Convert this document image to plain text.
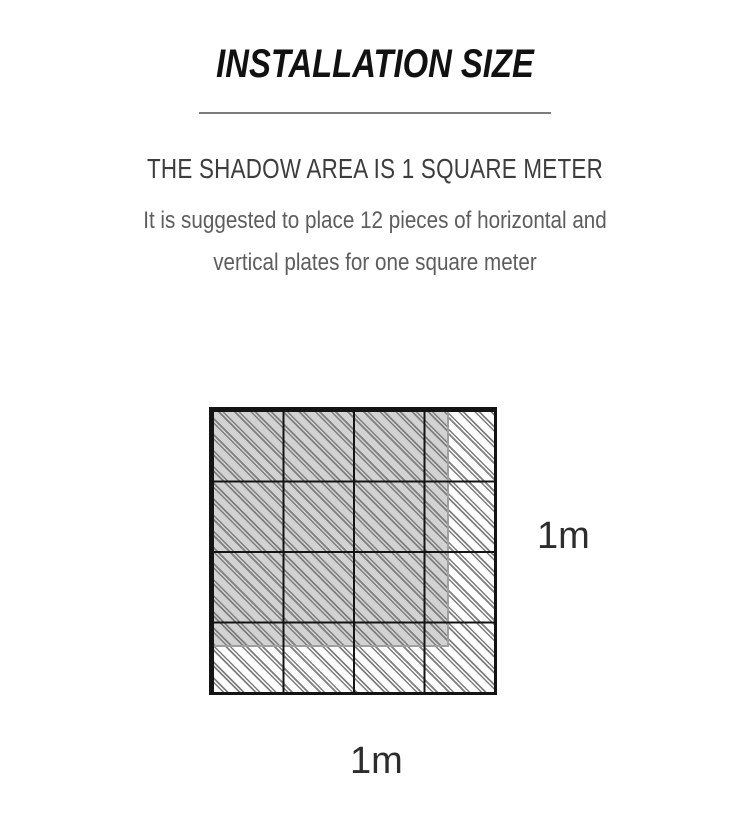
INSTALLATION SIZE
THE SHADOW AREA IS 1 SQUARE METER

It is suggested to place 12 pieces of horizontal and
vertical plates for one square meter

1m
1m
